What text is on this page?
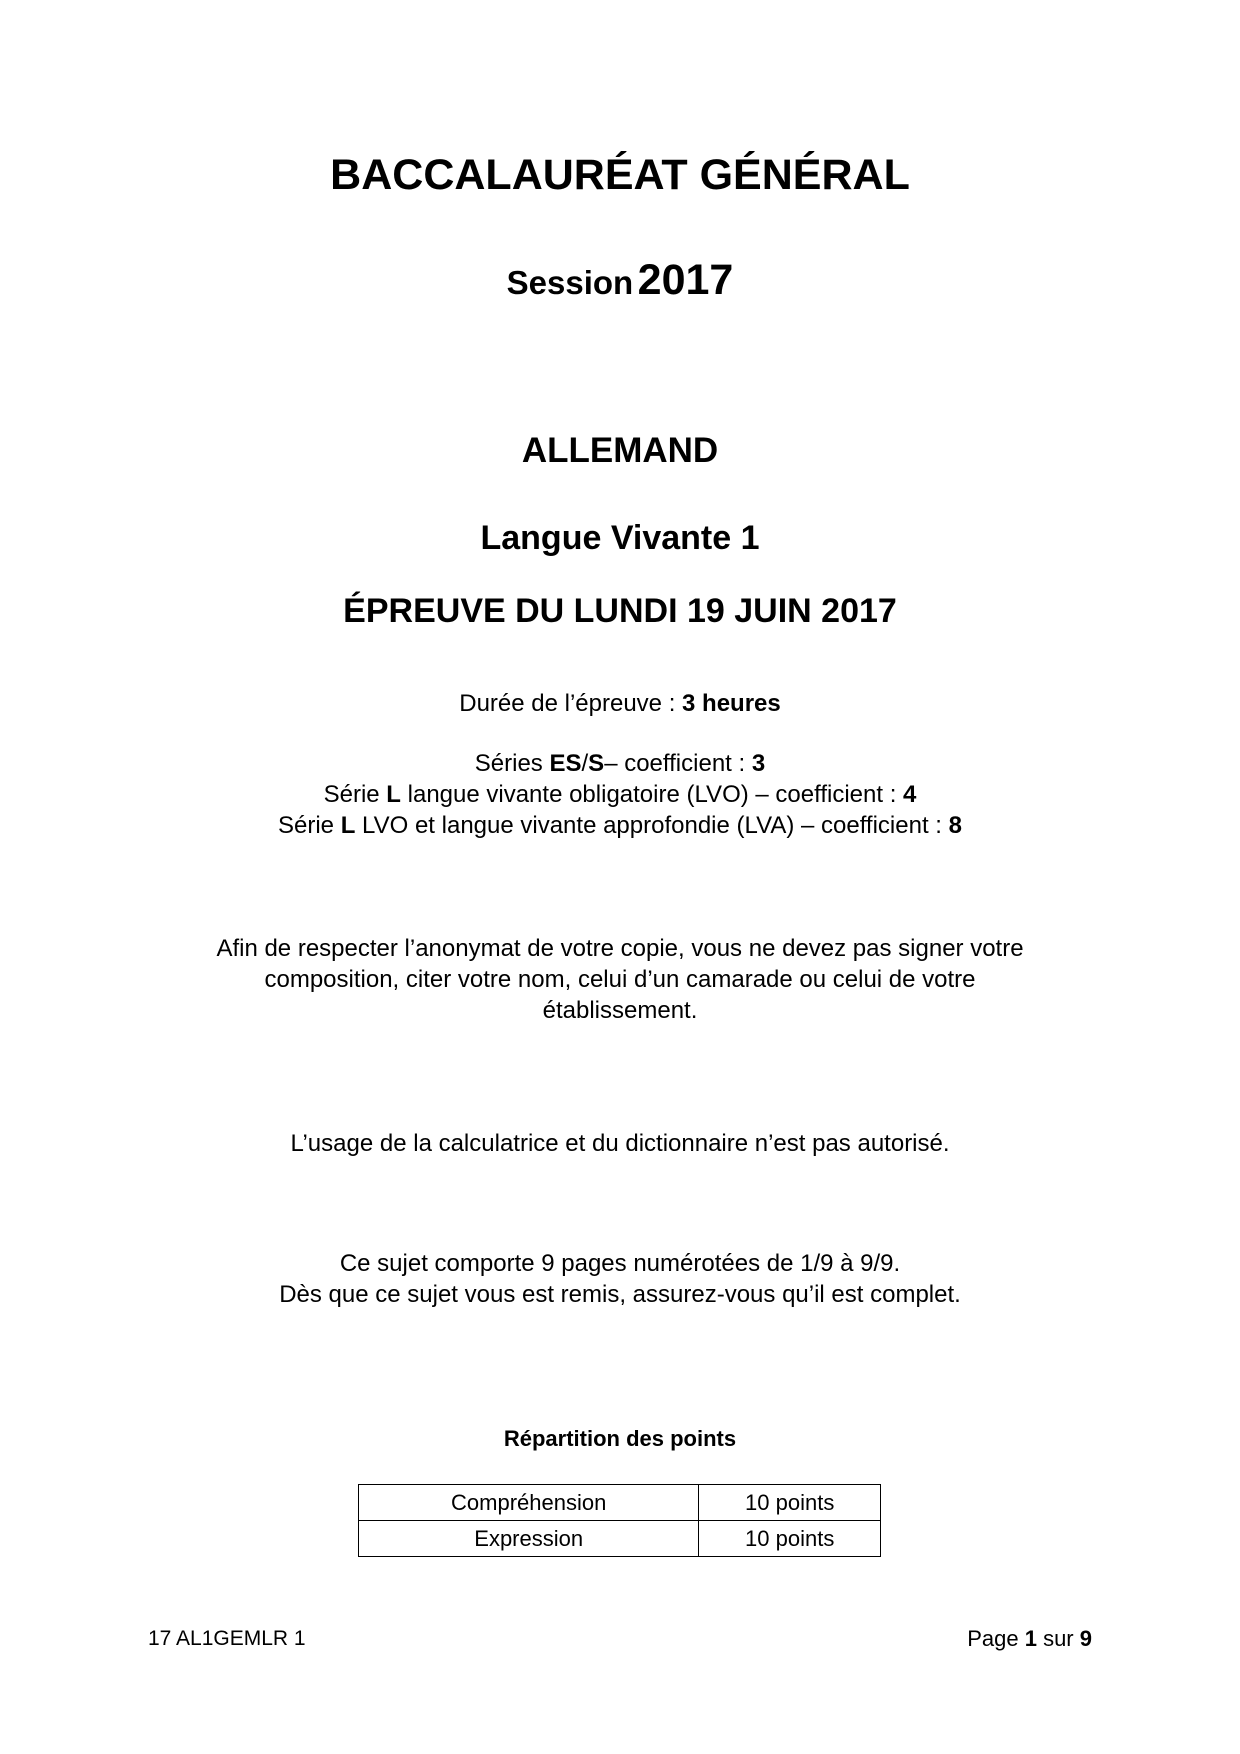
BACCALAURÉAT GÉNÉRAL
Session 2017
ALLEMAND
Langue Vivante 1
ÉPREUVE DU LUNDI 19 JUIN 2017
Durée de l’épreuve : 3 heures
Séries ES/S– coefficient : 3
Série L langue vivante obligatoire (LVO) – coefficient : 4
Série L LVO et langue vivante approfondie (LVA) – coefficient : 8
Afin de respecter l’anonymat de votre copie, vous ne devez pas signer votre
composition, citer votre nom, celui d’un camarade ou celui de votre
établissement.
L’usage de la calculatrice et du dictionnaire n’est pas autorisé.
Ce sujet comporte 9 pages numérotées de 1/9 à 9/9.
Dès que ce sujet vous est remis, assurez-vous qu’il est complet.
Répartition des points
Compréhension	10 points
Expression	10 points
17 AL1GEMLR 1	Page 1 sur 9
